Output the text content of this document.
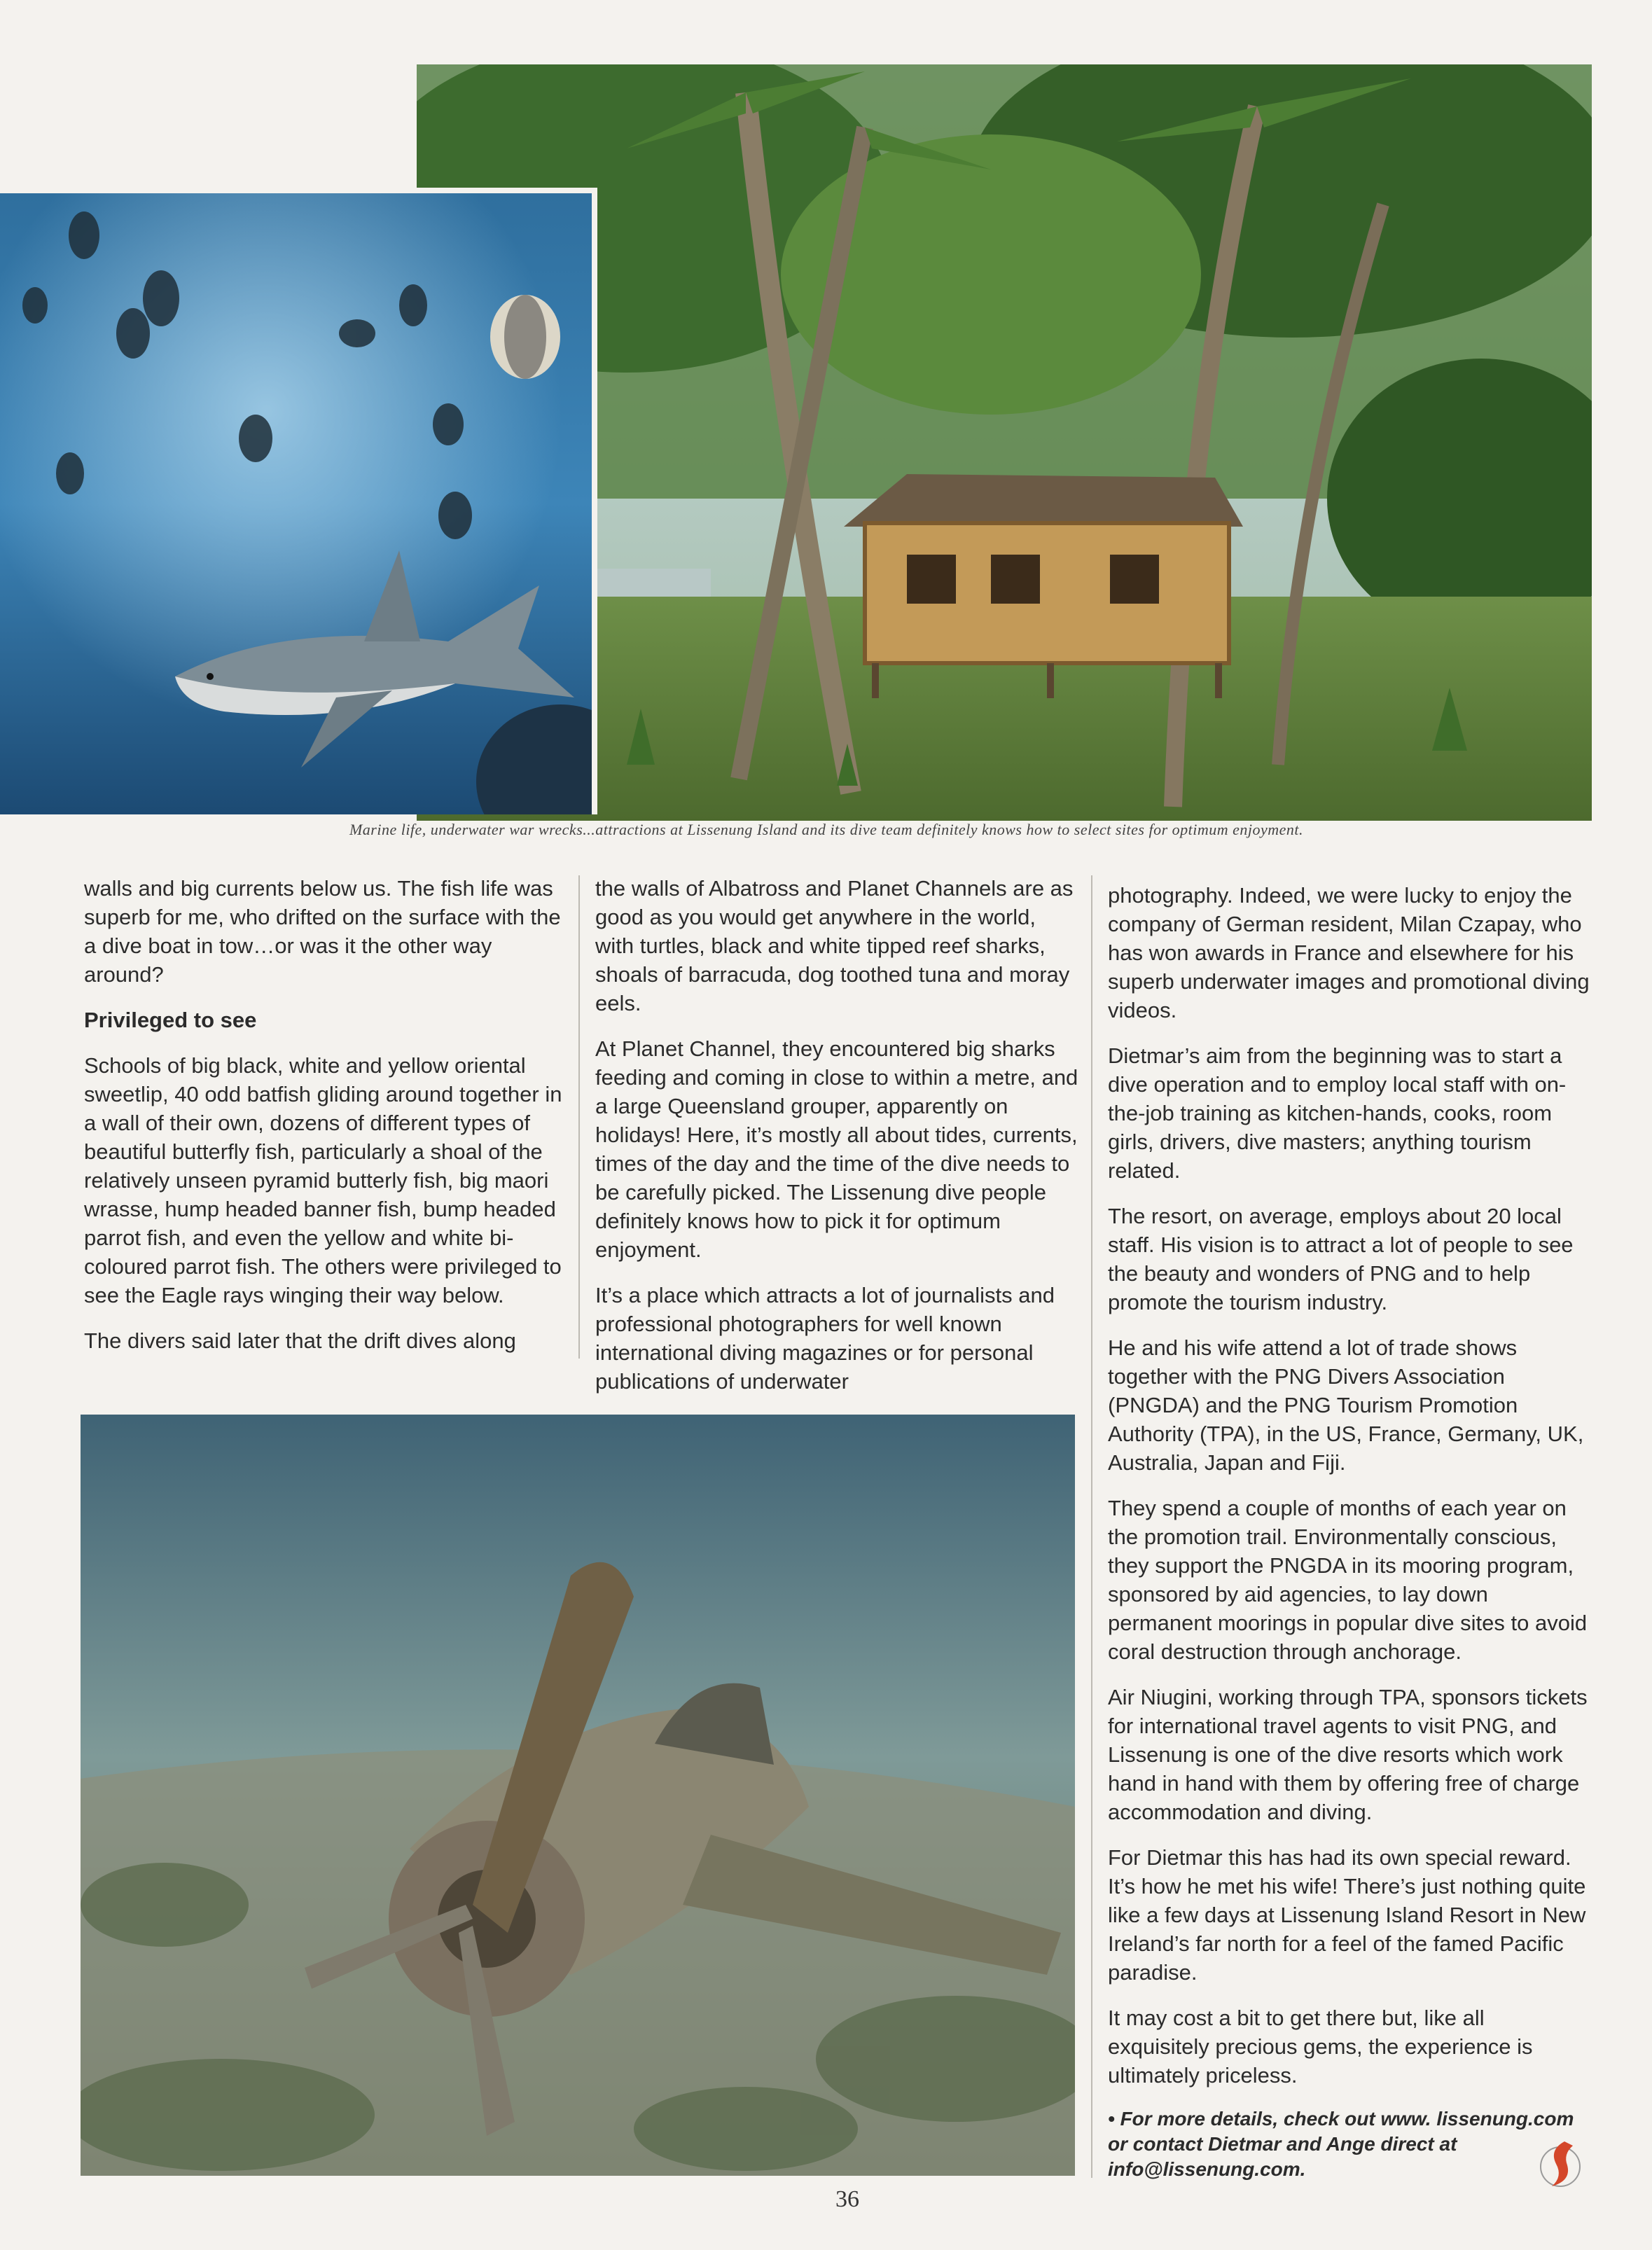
Marine life, underwater war wrecks...attractions at Lissenung Island and its dive team definitely knows how to select sites for optimum enjoyment.

walls and big currents below us. The fish life was superb for me, who drifted on the surface with the a dive boat in tow…or was it the other way around?

Privileged to see

Schools of big black, white and yellow oriental sweetlip, 40 odd batfish gliding around together in a wall of their own, dozens of different types of beautiful butterfly fish, particularly a shoal of the relatively unseen pyramid butterly fish, big maori wrasse, hump headed banner fish, bump headed parrot fish, and even the yellow and white bi-coloured parrot fish. The others were privileged to see the Eagle rays winging their way below.

The divers said later that the drift dives along

the walls of Albatross and Planet Channels are as good as you would get anywhere in the world, with turtles, black and white tipped reef sharks, shoals of barracuda, dog toothed tuna and moray eels.

At Planet Channel, they encountered big sharks feeding and coming in close to within a metre, and a large Queensland grouper, apparently on holidays! Here, it’s mostly all about tides, currents, times of the day and the time of the dive needs to be carefully picked. The Lissenung dive people definitely knows how to pick it for optimum enjoyment.

It’s a place which attracts a lot of journalists and professional photographers for well known international diving magazines or for personal publications of underwater

photography. Indeed, we were lucky to enjoy the company of German resident, Milan Czapay, who has won awards in France and elsewhere for his superb underwater images and promotional diving videos.

Dietmar’s aim from the beginning was to start a dive operation and to employ local staff with on-the-job training as kitchen-hands, cooks, room girls, drivers, dive masters; anything tourism related.

The resort, on average, employs about 20 local staff. His vision is to attract a lot of people to see the beauty and wonders of PNG and to help promote the tourism industry.

He and his wife attend a lot of trade shows together with the PNG Divers Association (PNGDA) and the PNG Tourism Promotion Authority (TPA), in the US, France, Germany, UK, Australia, Japan and Fiji.

They spend a couple of months of each year on the promotion trail. Environmentally conscious, they support the PNGDA in its mooring program, sponsored by aid agencies, to lay down permanent moorings in popular dive sites to avoid coral destruction through anchorage.

Air Niugini, working through TPA, sponsors tickets for international travel agents to visit PNG, and Lissenung is one of the dive resorts which work hand in hand with them by offering free of charge accommodation and diving.

For Dietmar this has had its own special reward. It’s how he met his wife! There’s just nothing quite like a few days at Lissenung Island Resort in New Ireland’s far north for a feel of the famed Pacific paradise.

It may cost a bit to get there but, like all exquisitely precious gems, the experience is ultimately priceless.

• For more details, check out www. lissenung.com or contact Dietmar and Ange direct at info@lissenung.com.
36
